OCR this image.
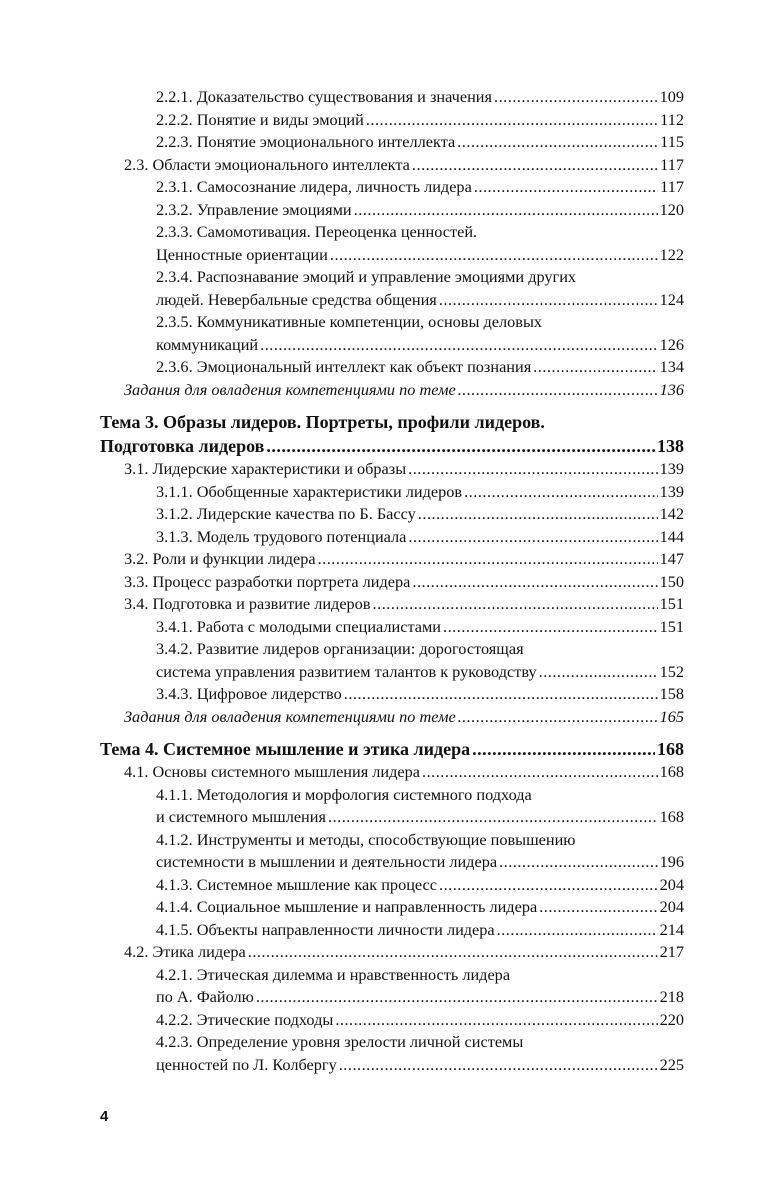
2.2.1. Доказательство существования и значения .....	109
2.2.2. Понятие и виды эмоций .....	112
2.2.3. Понятие эмоционального интеллекта .....	115
2.3. Области эмоционального интеллекта .....	117
2.3.1. Самосознание лидера, личность лидера .....	117
2.3.2. Управление эмоциями .....	120
2.3.3. Самомотивация. Переоценка ценностей.
Ценностные ориентации .....	122
2.3.4. Распознавание эмоций и управление эмоциями других
людей. Невербальные средства общения .....	124
2.3.5. Коммуникативные компетенции, основы деловых
коммуникаций .....	126
2.3.6. Эмоциональный интеллект как объект познания .....	134
Задания для овладения компетенциями по теме .....	136
Тема 3. Образы лидеров. Портреты, профили лидеров.
Подготовка лидеров .....	138
3.1. Лидерские характеристики и образы .....	139
3.1.1. Обобщенные характеристики лидеров .....	139
3.1.2. Лидерские качества по Б. Бассу .....	142
3.1.3. Модель трудового потенциала .....	144
3.2. Роли и функции лидера .....	147
3.3. Процесс разработки портрета лидера .....	150
3.4. Подготовка и развитие лидеров .....	151
3.4.1. Работа с молодыми специалистами .....	151
3.4.2. Развитие лидеров организации: дорогостоящая
система управления развитием талантов к руководству .....	152
3.4.3. Цифровое лидерство .....	158
Задания для овладения компетенциями по теме .....	165
Тема 4. Системное мышление и этика лидера .....	168
4.1. Основы системного мышления лидера .....	168
4.1.1. Методология и морфология системного подхода
и системного мышления .....	168
4.1.2. Инструменты и методы, способствующие повышению
системности в мышлении и деятельности лидера .....	196
4.1.3. Системное мышление как процесс .....	204
4.1.4. Социальное мышление и направленность лидера .....	204
4.1.5. Объекты направленности личности лидера .....	214
4.2. Этика лидера .....	217
4.2.1. Этическая дилемма и нравственность лидера
по А. Файолю .....	218
4.2.2. Этические подходы .....	220
4.2.3. Определение уровня зрелости личной системы
ценностей по Л. Колбергу .....	225
4
